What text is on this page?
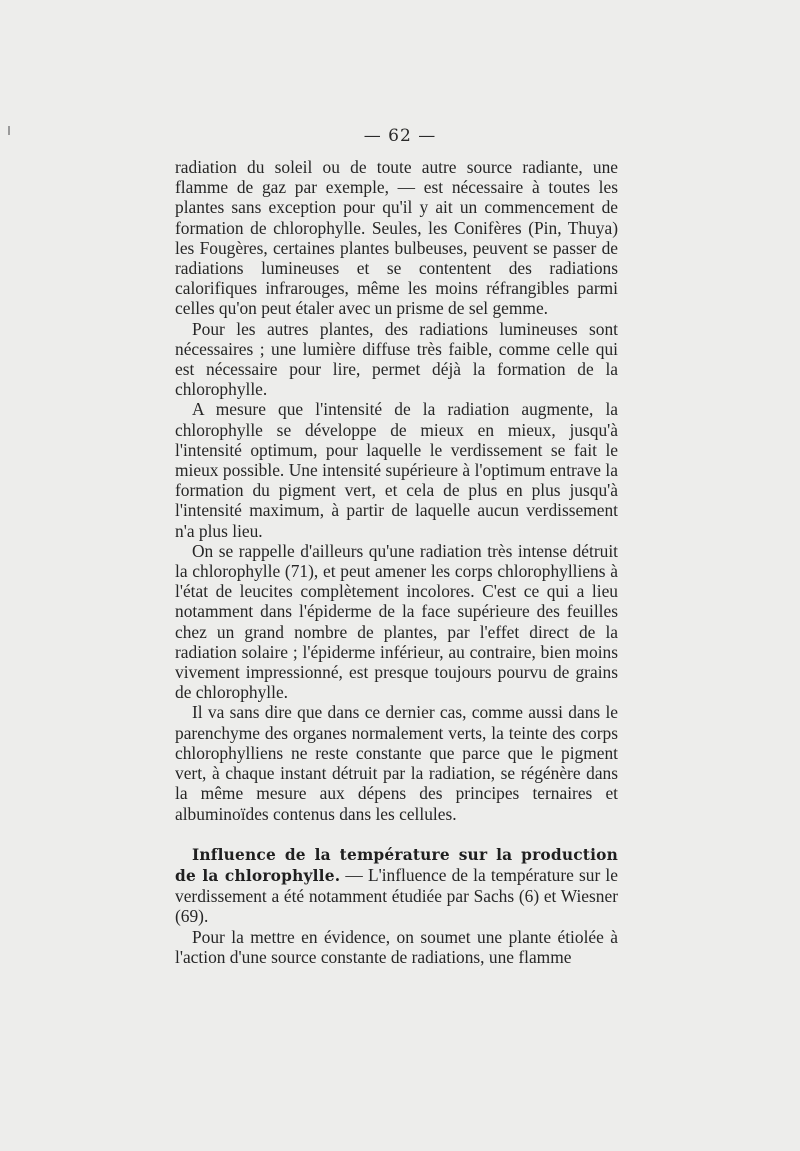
— 62 —

radiation du soleil ou de toute autre source radiante, une flamme de gaz par exemple, — est nécessaire à toutes les plantes sans exception pour qu'il y ait un commencement de formation de chlorophylle. Seules, les Conifères (Pin, Thuya) les Fougères, certaines plantes bulbeuses, peuvent se passer de radiations lumineuses et se contentent des radiations calorifiques infrarouges, même les moins réfrangibles parmi celles qu'on peut étaler avec un prisme de sel gemme.

Pour les autres plantes, des radiations lumineuses sont nécessaires ; une lumière diffuse très faible, comme celle qui est nécessaire pour lire, permet déjà la formation de la chlorophylle.

A mesure que l'intensité de la radiation augmente, la chlorophylle se développe de mieux en mieux, jusqu'à l'intensité optimum, pour laquelle le verdissement se fait le mieux possible. Une intensité supérieure à l'optimum entrave la formation du pigment vert, et cela de plus en plus jusqu'à l'intensité maximum, à partir de laquelle aucun verdissement n'a plus lieu.

On se rappelle d'ailleurs qu'une radiation très intense détruit la chlorophylle (71), et peut amener les corps chlorophylliens à l'état de leucites complètement incolores. C'est ce qui a lieu notamment dans l'épiderme de la face supérieure des feuilles chez un grand nombre de plantes, par l'effet direct de la radiation solaire ; l'épiderme inférieur, au contraire, bien moins vivement impressionné, est presque toujours pourvu de grains de chlorophylle.

Il va sans dire que dans ce dernier cas, comme aussi dans le parenchyme des organes normalement verts, la teinte des corps chlorophylliens ne reste constante que parce que le pigment vert, à chaque instant détruit par la radiation, se régénère dans la même mesure aux dépens des principes ternaires et albuminoïdes contenus dans les cellules.

Influence de la température sur la production de la chlorophylle. — L'influence de la température sur le verdissement a été notamment étudiée par Sachs (6) et Wiesner (69).

Pour la mettre en évidence, on soumet une plante étiolée à l'action d'une source constante de radiations, une flamme
